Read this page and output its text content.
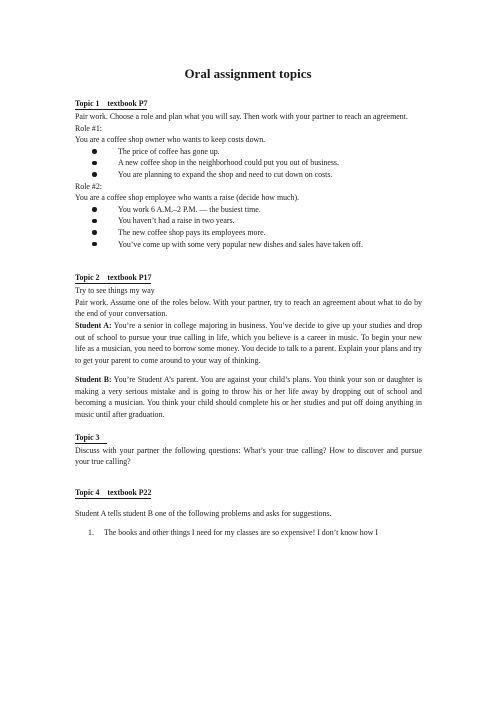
Oral assignment topics
Topic 1    textbook P7

Pair work. Choose a role and plan what you will say. Then work with your partner to reach an agreement.

Role #1:

You are a coffee shop owner who wants to keep costs down.

The price of coffee has gone up.
A new coffee shop in the neighborhood could put you out of business.
You are planning to expand the shop and need to cut down on costs.

Role #2:

You are a coffee shop employee who wants a raise (decide how much).

You work 6 A.M.–2 P.M. — the busiest time.
You haven’t had a raise in two years.
The new coffee shop pays its employees more.
You’ve come up with some very popular new dishes and sales have taken off.
Topic 2    textbook P17

Try to see things my way

Pair work. Assume one of the roles below. With your partner, try to reach an agreement about what to do by the end of your conversation.

Student A: You’re a senior in college majoring in business. You’ve decide to give up your studies and drop out of school to pursue your true calling in life, which you believe is a career in music. To begin your new life as a musician, you need to borrow some money. You decide to talk to a parent. Explain your plans and try to get your parent to come around to your way of thinking.

Student B: You’re Student A’s parent. You are against your child’s plans. You think your son or daughter is making a very serious mistake and is going to throw his or her life away by dropping out of school and becoming a musician. You think your child should complete his or her studies and put off doing anything in music until after graduation.

Topic 3

Discuss with your partner the following questions: What’s your true calling? How to discover and pursue your true calling?

Topic 4    textbook P22

Student A tells student B one of the following problems and asks for suggestions.

1. The books and other things I need for my classes are so expensive! I don’t know how I
